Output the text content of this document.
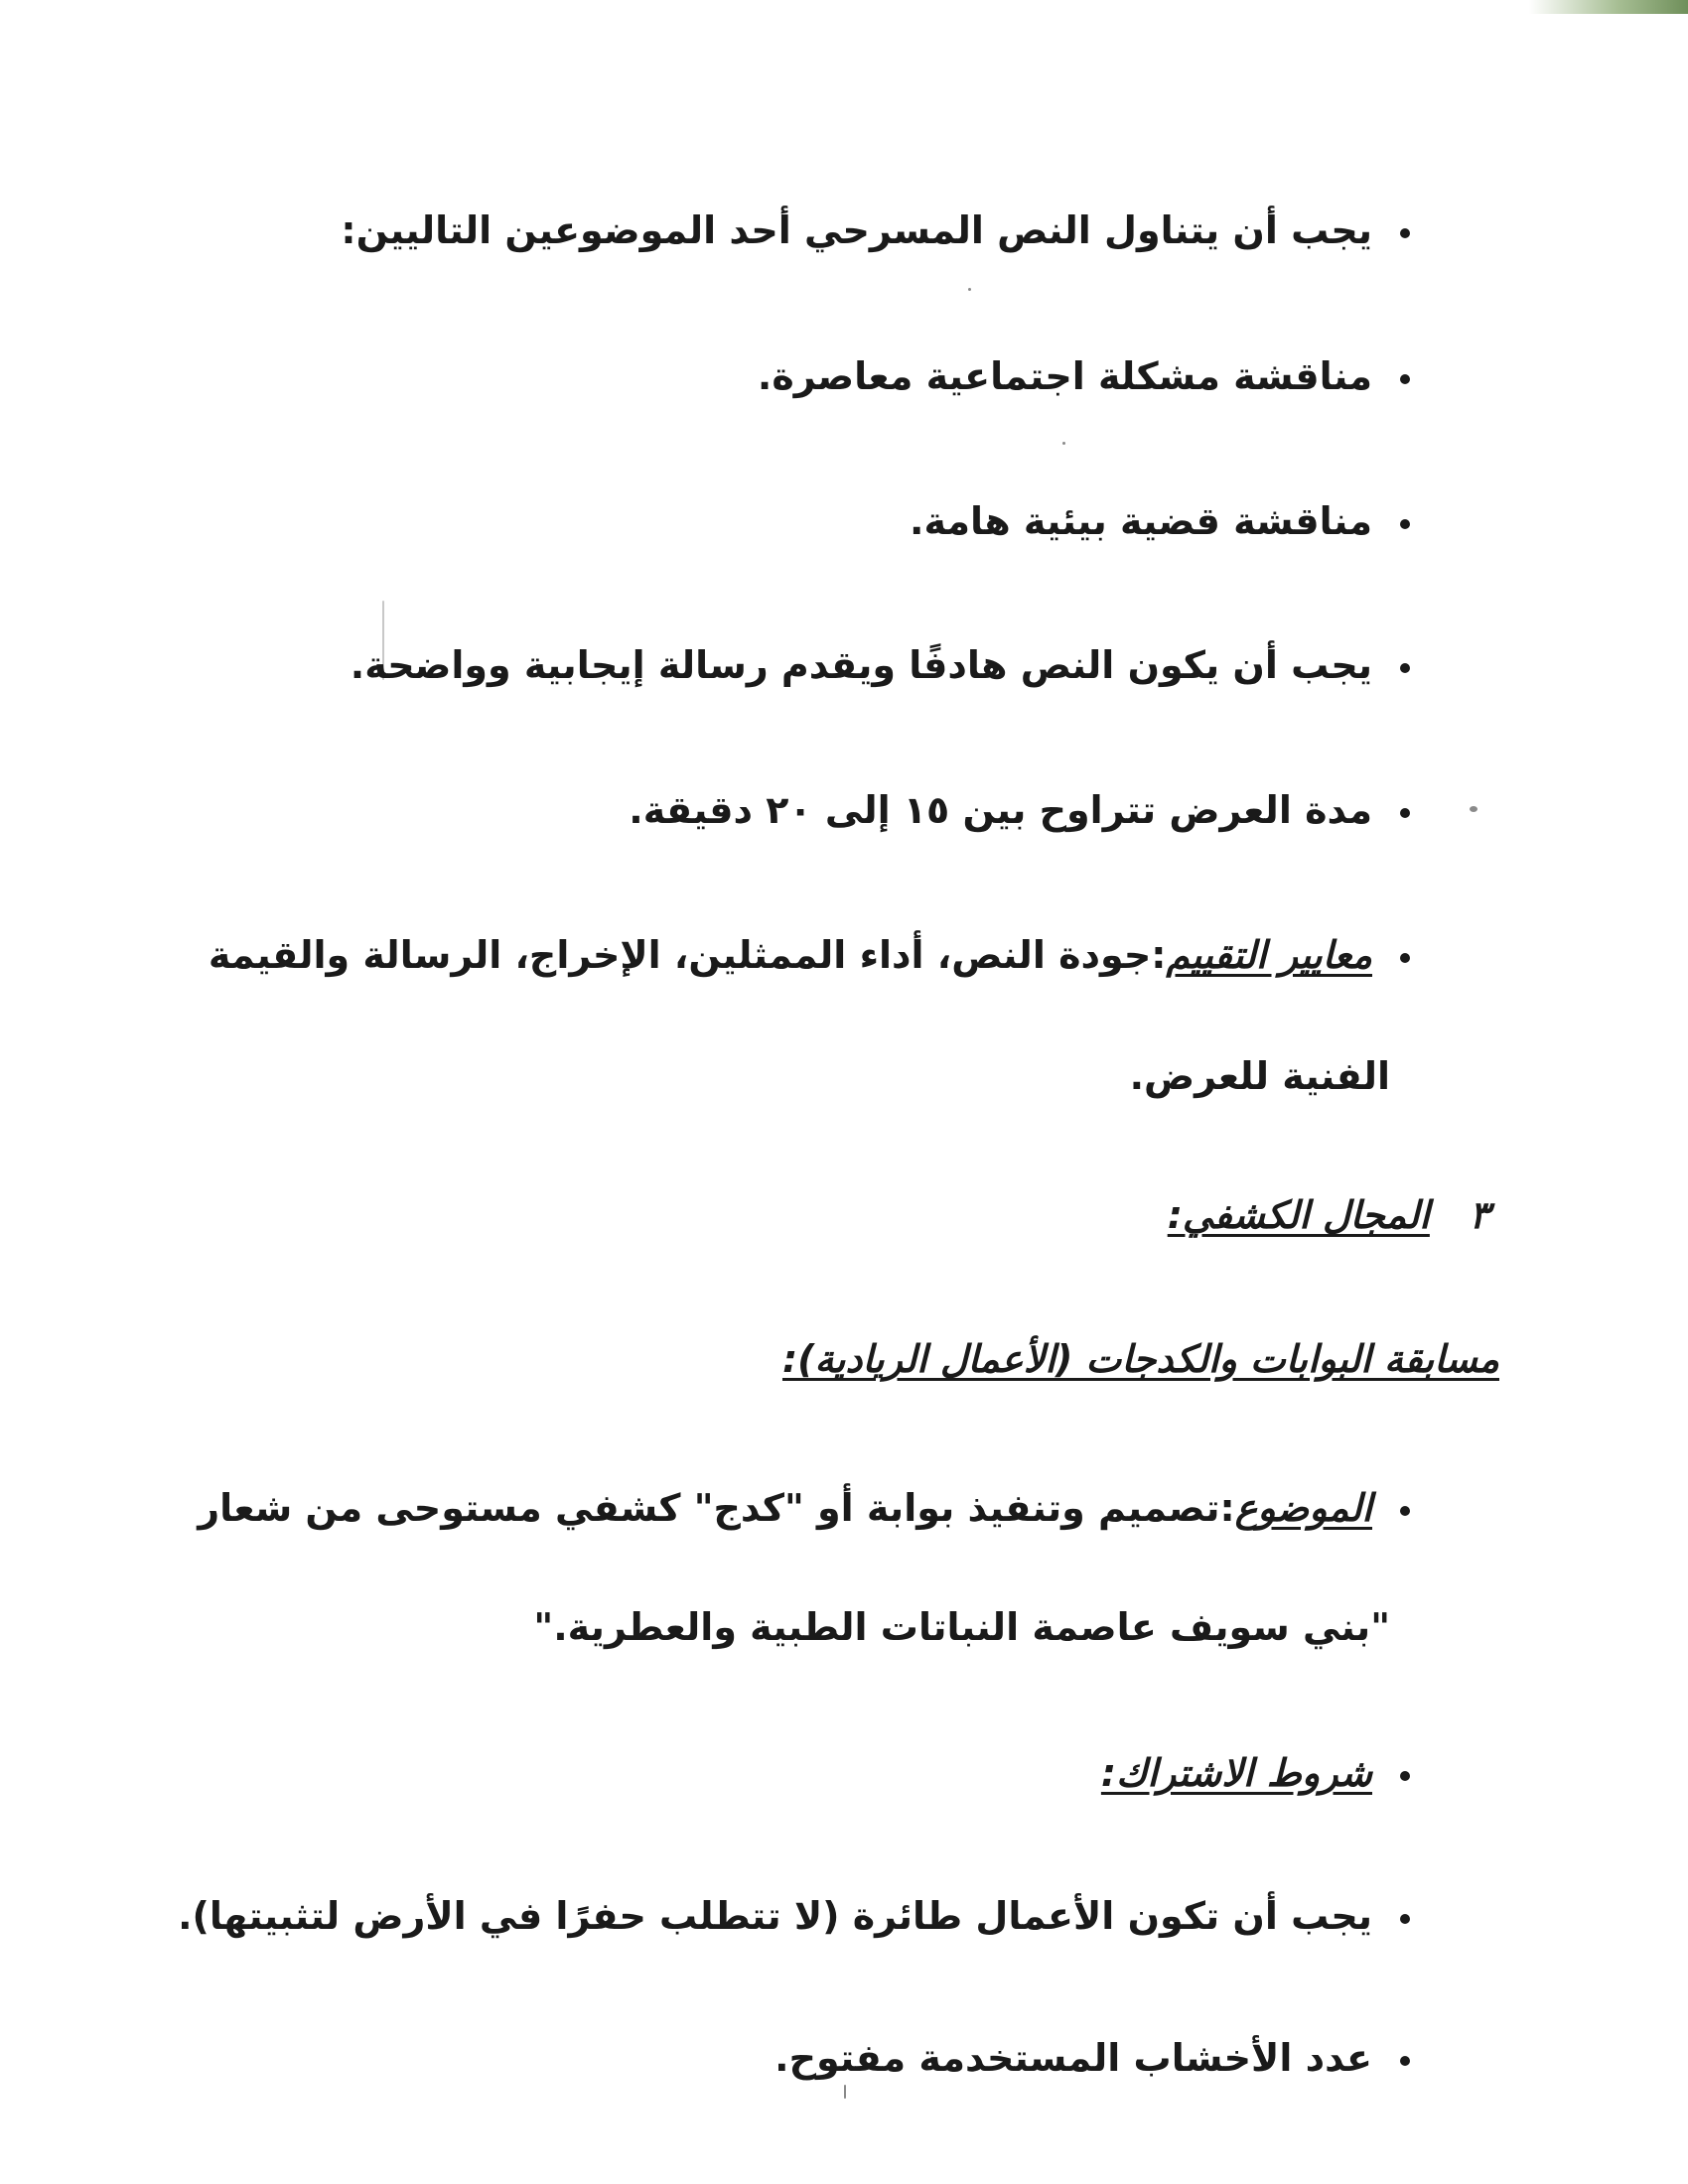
يجب أن يتناول النص المسرحي أحد الموضوعين التاليين:
مناقشة مشكلة اجتماعية معاصرة.
مناقشة قضية بيئية هامة.
يجب أن يكون النص هادفًا ويقدم رسالة إيجابية وواضحة.
مدة العرض تتراوح بين ١٥ إلى ٢٠ دقيقة.
معايير التقييم:جودة النص، أداء الممثلين، الإخراج، الرسالة والقيمة
الفنية للعرض.
٣   المجال الكشفي:
مسابقة البوابات والكدجات (الأعمال الريادية):
الموضوع:تصميم وتنفيذ بوابة أو "كدج" كشفي مستوحى من شعار
"بني سويف عاصمة النباتات الطبية والعطرية."
شروط الاشتراك:
يجب أن تكون الأعمال طائرة (لا تتطلب حفرًا في الأرض لتثبيتها).
عدد الأخشاب المستخدمة مفتوح.
